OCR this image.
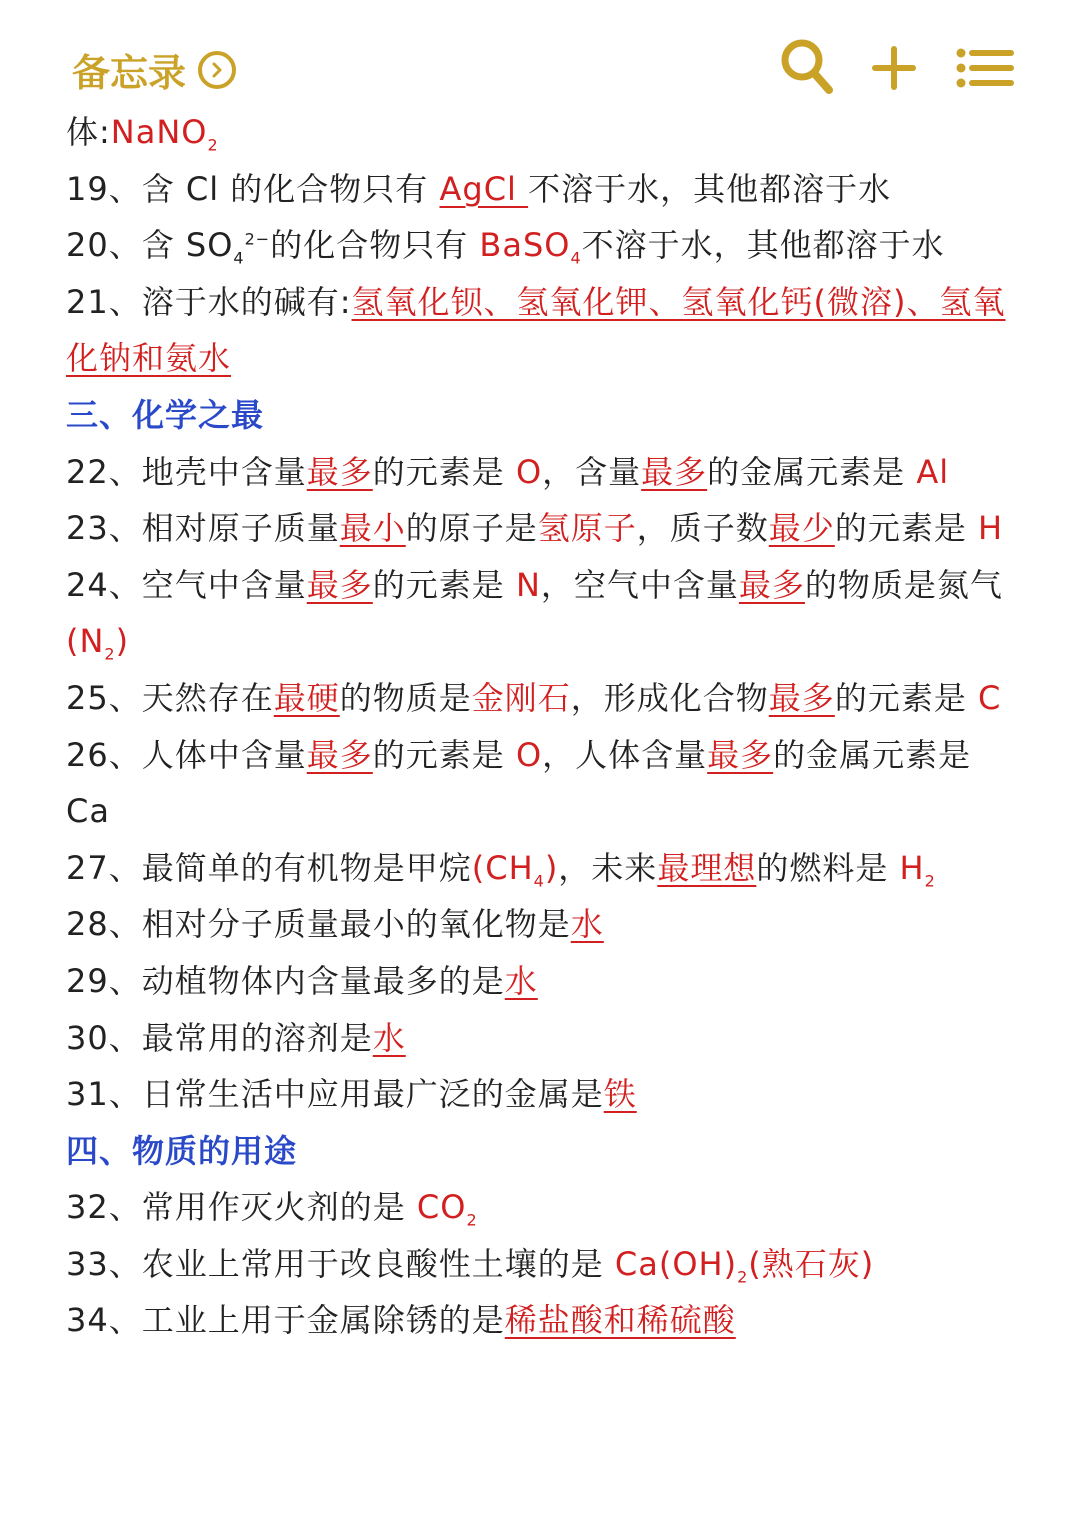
备忘录
体:NaNO$_2$
19、含 Cl 的化合物只有 AgCl 不溶于水，其他都溶于水
20、含 $SO_4^{2-}$的化合物只有 BaSO$_4$不溶于水，其他都溶于水
21、溶于水的碱有:氢氧化钡、氢氧化钾、氢氧化钙(微溶)、氢氧化钠和氨水
三、化学之最
22、地壳中含量最多的元素是 O，含量最多的金属元素是 Al
23、相对原子质量最小的原子是氢原子，质子数最少的元素是 H
24、空气中含量最多的元素是 N，空气中含量最多的物质是氮气$(N_2)$
25、天然存在最硬的物质是金刚石，形成化合物最多的元素是 C
26、人体中含量最多的元素是 O，人体含量最多的金属元素是 Ca
27、最简单的有机物是甲烷$(CH_4)$，未来最理想的燃料是 $H_2$
28、相对分子质量最小的氧化物是水
29、动植物体内含量最多的是水
30、最常用的溶剂是水
31、日常生活中应用最广泛的金属是铁
四、物质的用途
32、常用作灭火剂的是 $CO_2$
33、农业上常用于改良酸性土壤的是 $Ca(OH)_2$(熟石灰)
34、工业上用于金属除锈的是稀盐酸和稀硫酸
